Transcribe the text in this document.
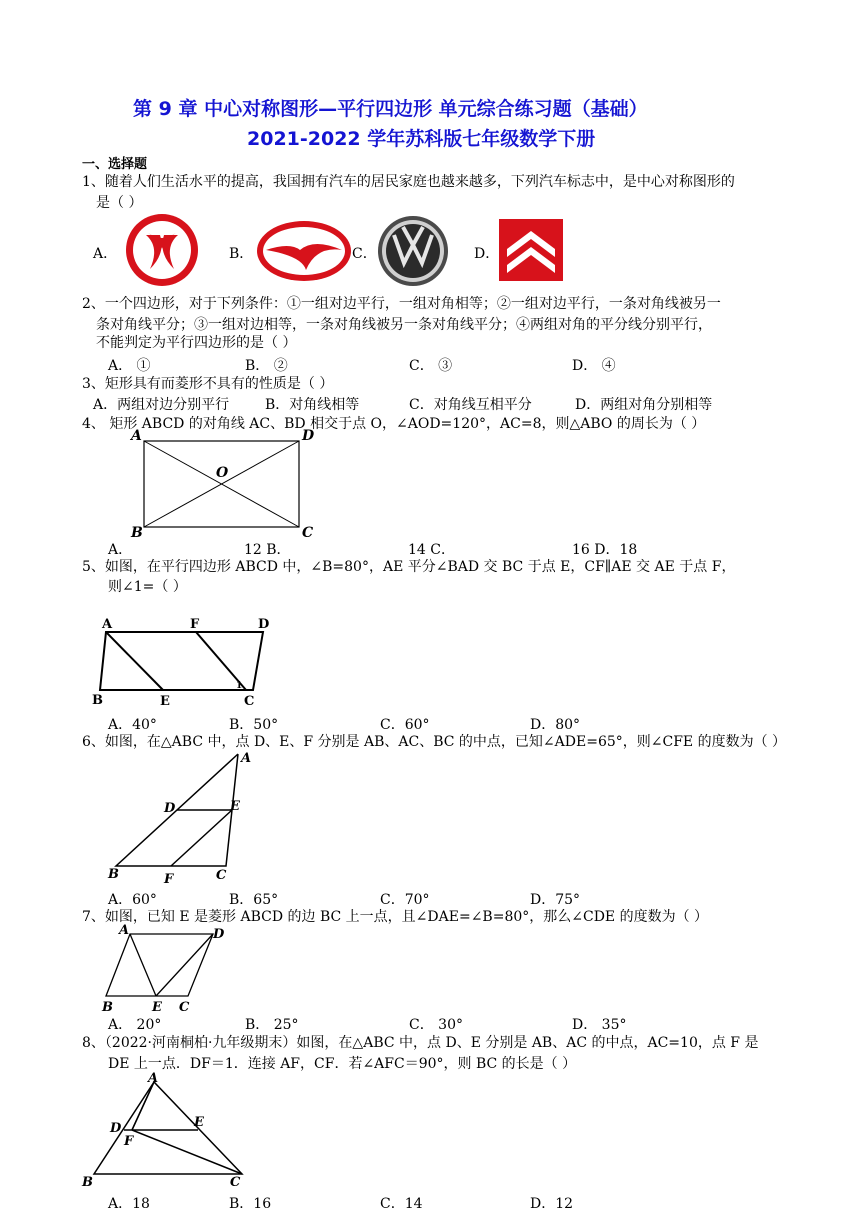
第 9 章 中心对称图形—平行四边形 单元综合练习题（基础）
2021-2022 学年苏科版七年级数学下册
一、选择题
1、随着人们生活水平的提高，我国拥有汽车的居民家庭也越来越多，下列汽车标志中，是中心对称图形的
是（ ）
A．	B．	C．	D．
2、一个四边形，对于下列条件：①一组对边平行，一组对角相等；②一组对边平行，一条对角线被另一
条对角线平分；③一组对边相等，一条对角线被另一条对角线平分；④两组对角的平分线分别平行，
不能判定为平行四边形的是（ ）
A． ①	B． ②	C． ③	D． ④
3、矩形具有而菱形不具有的性质是（ ）
A．两组对边分别平行	B．对角线相等	C．对角线互相平分	D．两组对角分别相等
4、 矩形 ABCD 的对角线 AC、BD 相交于点 O，∠AOD=120°，AC=8，则△ABO 的周长为（ ）
A	D
O
B	C
A．	12 B．	14 C．	16 D．18
5、如图，在平行四边形 ABCD 中，∠B=80°，AE 平分∠BAD 交 BC 于点 E，CF∥AE 交 AE 于点 F，
则∠1=（ ）
A	F	D
B	E
1
C
A．40°	B．50°	C．60°	D．80°
6、如图，在△ABC 中，点 D、E、F 分别是 AB、AC、BC 的中点，已知∠ADE=65°，则∠CFE 的度数为（ ）
A
D	E
B	F	C
A．60°	B．65°	C．70°	D．75°
7、如图，已知 E 是菱形 ABCD 的边 BC 上一点，且∠DAE=∠B=80°，那么∠CDE 的度数为（ ）
A	D
B	E C
A． 20°	B． 25°	C． 30°	D． 35°
8、（2022·河南桐柏·九年级期末）如图，在△ABC 中，点 D、E 分别是 AB、AC 的中点，AC=10，点 F 是
DE 上一点．DF＝1．连接 AF，CF．若∠AFC＝90°，则 BC 的长是（ ）
A
D	E
F
B	C
A．18	B．16	C．14	D．12
